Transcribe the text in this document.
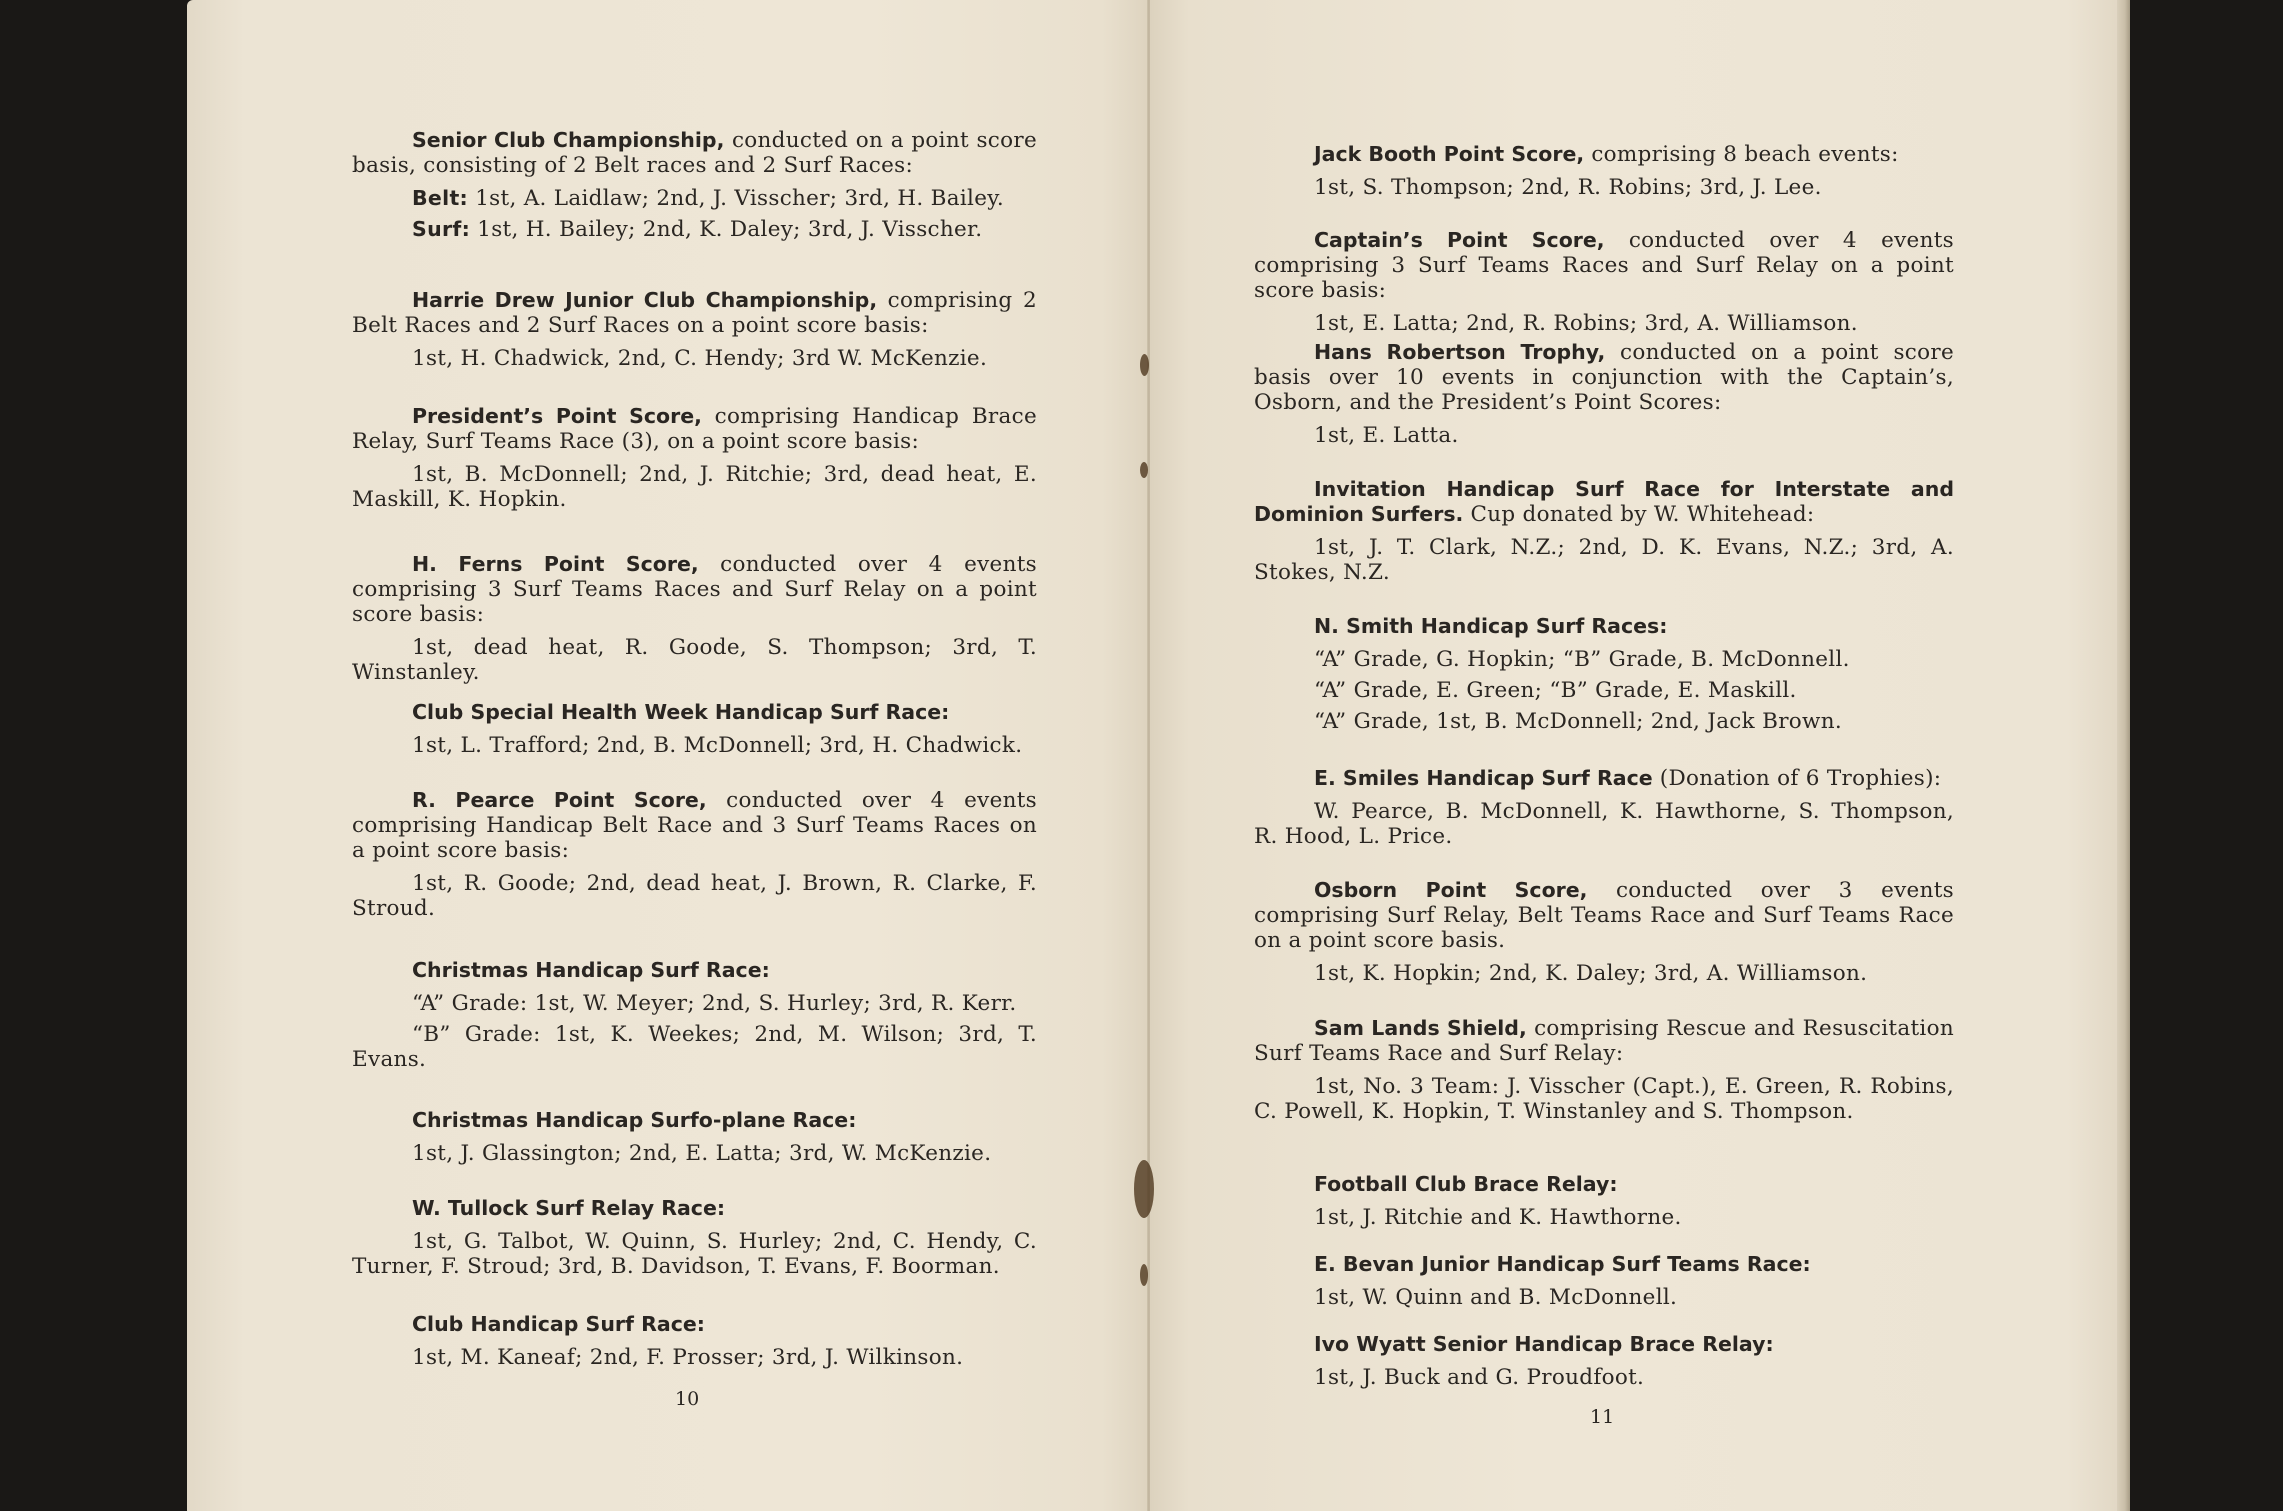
Senior Club Championship, conducted on a point score basis, consisting of 2 Belt races and 2 Surf Races:

Belt: 1st, A. Laidlaw; 2nd, J. Visscher; 3rd, H. Bailey.

Surf: 1st, H. Bailey; 2nd, K. Daley; 3rd, J. Visscher.

Harrie Drew Junior Club Championship, comprising 2 Belt Races and 2 Surf Races on a point score basis:

1st, H. Chadwick, 2nd, C. Hendy; 3rd W. McKenzie.

President’s Point Score, comprising Handicap Brace Relay, Surf Teams Race (3), on a point score basis:

1st, B. McDonnell; 2nd, J. Ritchie; 3rd, dead heat, E. Maskill, K. Hopkin.

H. Ferns Point Score, conducted over 4 events comprising 3 Surf Teams Races and Surf Relay on a point score basis:

1st, dead heat, R. Goode, S. Thompson; 3rd, T. Winstanley.

Club Special Health Week Handicap Surf Race:

1st, L. Trafford; 2nd, B. McDonnell; 3rd, H. Chadwick.

R. Pearce Point Score, conducted over 4 events comprising Handicap Belt Race and 3 Surf Teams Races on a point score basis:

1st, R. Goode; 2nd, dead heat, J. Brown, R. Clarke, F. Stroud.

Christmas Handicap Surf Race:

“A” Grade: 1st, W. Meyer; 2nd, S. Hurley; 3rd, R. Kerr.

“B” Grade: 1st, K. Weekes; 2nd, M. Wilson; 3rd, T. Evans.

Christmas Handicap Surfo-plane Race:

1st, J. Glassington; 2nd, E. Latta; 3rd, W. McKenzie.

W. Tullock Surf Relay Race:

1st, G. Talbot, W. Quinn, S. Hurley; 2nd, C. Hendy, C. Turner, F. Stroud; 3rd, B. Davidson, T. Evans, F. Boorman.

Club Handicap Surf Race:

1st, M. Kaneaf; 2nd, F. Prosser; 3rd, J. Wilkinson.

10

Jack Booth Point Score, comprising 8 beach events:

1st, S. Thompson; 2nd, R. Robins; 3rd, J. Lee.

Captain’s Point Score, conducted over 4 events comprising 3 Surf Teams Races and Surf Relay on a point score basis:

1st, E. Latta; 2nd, R. Robins; 3rd, A. Williamson.

Hans Robertson Trophy, conducted on a point score basis over 10 events in conjunction with the Captain’s, Osborn, and the President’s Point Scores:

1st, E. Latta.

Invitation Handicap Surf Race for Interstate and Dominion Surfers. Cup donated by W. Whitehead:

1st, J. T. Clark, N.Z.; 2nd, D. K. Evans, N.Z.; 3rd, A. Stokes, N.Z.

N. Smith Handicap Surf Races:

“A” Grade, G. Hopkin; “B” Grade, B. McDonnell.

“A” Grade, E. Green; “B” Grade, E. Maskill.

“A” Grade, 1st, B. McDonnell; 2nd, Jack Brown.

E. Smiles Handicap Surf Race (Donation of 6 Trophies):

W. Pearce, B. McDonnell, K. Hawthorne, S. Thompson, R. Hood, L. Price.

Osborn Point Score, conducted over 3 events comprising Surf Relay, Belt Teams Race and Surf Teams Race on a point score basis.

1st, K. Hopkin; 2nd, K. Daley; 3rd, A. Williamson.

Sam Lands Shield, comprising Rescue and Resuscitation Surf Teams Race and Surf Relay:

1st, No. 3 Team: J. Visscher (Capt.), E. Green, R. Robins, C. Powell, K. Hopkin, T. Winstanley and S. Thompson.

Football Club Brace Relay:

1st, J. Ritchie and K. Hawthorne.

E. Bevan Junior Handicap Surf Teams Race:

1st, W. Quinn and B. McDonnell.

Ivo Wyatt Senior Handicap Brace Relay:

1st, J. Buck and G. Proudfoot.

11
